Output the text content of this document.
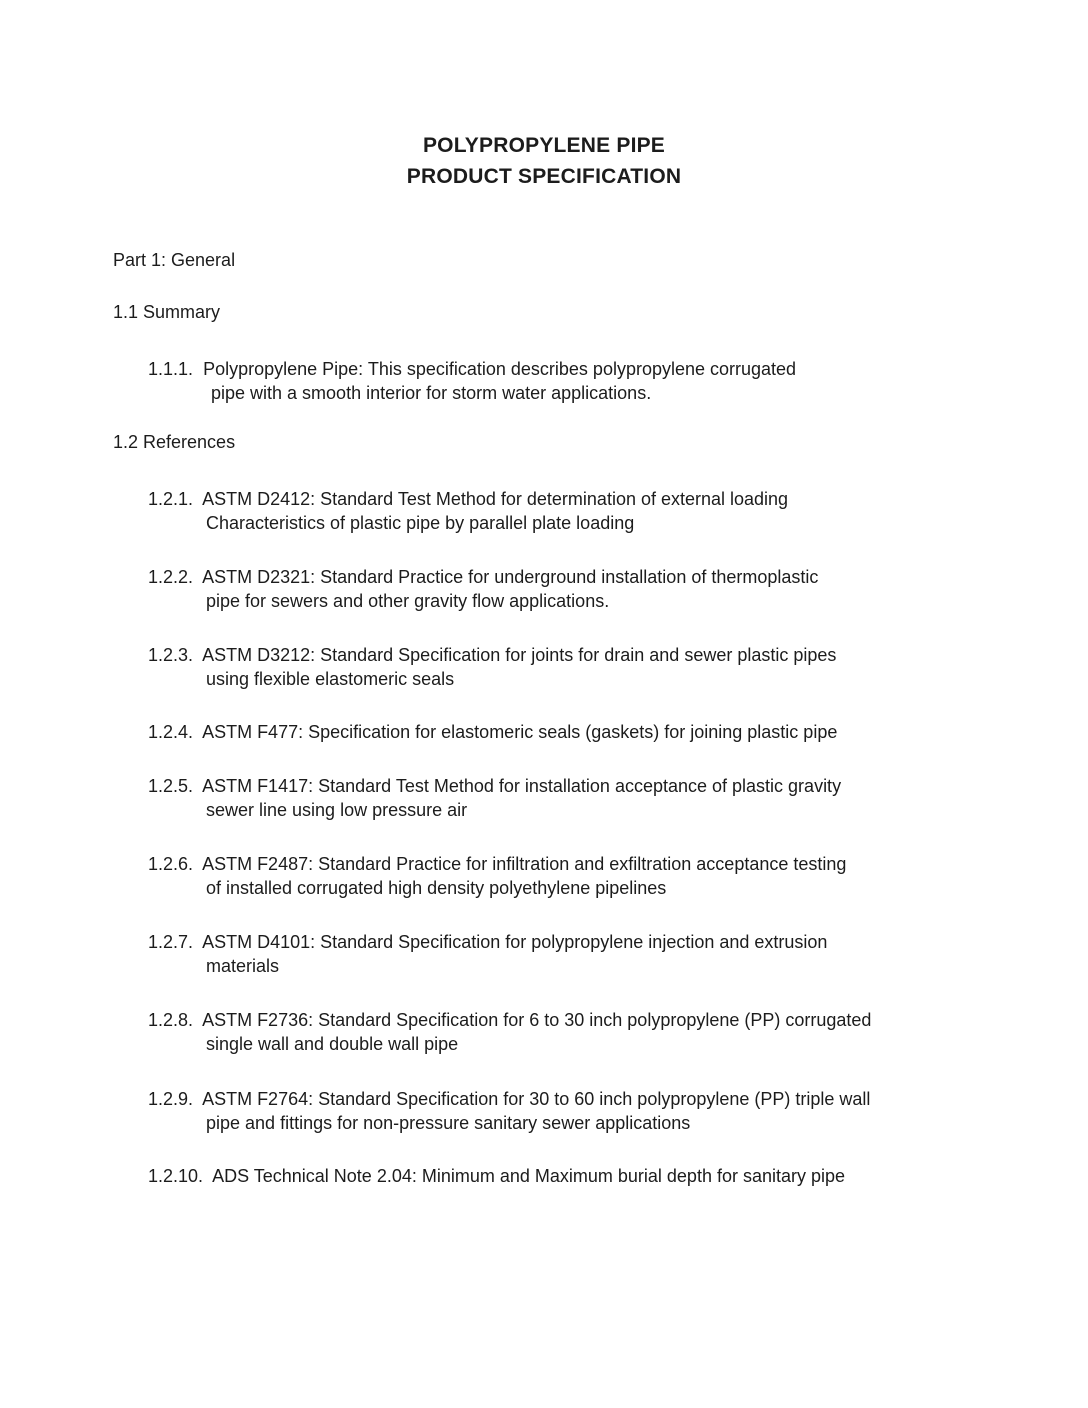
POLYPROPYLENE PIPE
PRODUCT SPECIFICATION
Part 1: General
1.1 Summary
1.1.1. Polypropylene Pipe: This specification describes polypropylene corrugated
pipe with a smooth interior for storm water applications.
1.2 References
1.2.1. ASTM D2412: Standard Test Method for determination of external loading
Characteristics of plastic pipe by parallel plate loading
1.2.2. ASTM D2321: Standard Practice for underground installation of thermoplastic
pipe for sewers and other gravity flow applications.
1.2.3. ASTM D3212: Standard Specification for joints for drain and sewer plastic pipes
using flexible elastomeric seals
1.2.4. ASTM F477: Specification for elastomeric seals (gaskets) for joining plastic pipe
1.2.5. ASTM F1417: Standard Test Method for installation acceptance of plastic gravity
sewer line using low pressure air
1.2.6. ASTM F2487: Standard Practice for infiltration and exfiltration acceptance testing
of installed corrugated high density polyethylene pipelines
1.2.7. ASTM D4101: Standard Specification for polypropylene injection and extrusion
materials
1.2.8. ASTM F2736: Standard Specification for 6 to 30 inch polypropylene (PP) corrugated
single wall and double wall pipe
1.2.9. ASTM F2764: Standard Specification for 30 to 60 inch polypropylene (PP) triple wall
pipe and fittings for non-pressure sanitary sewer applications
1.2.10. ADS Technical Note 2.04: Minimum and Maximum burial depth for sanitary pipe
